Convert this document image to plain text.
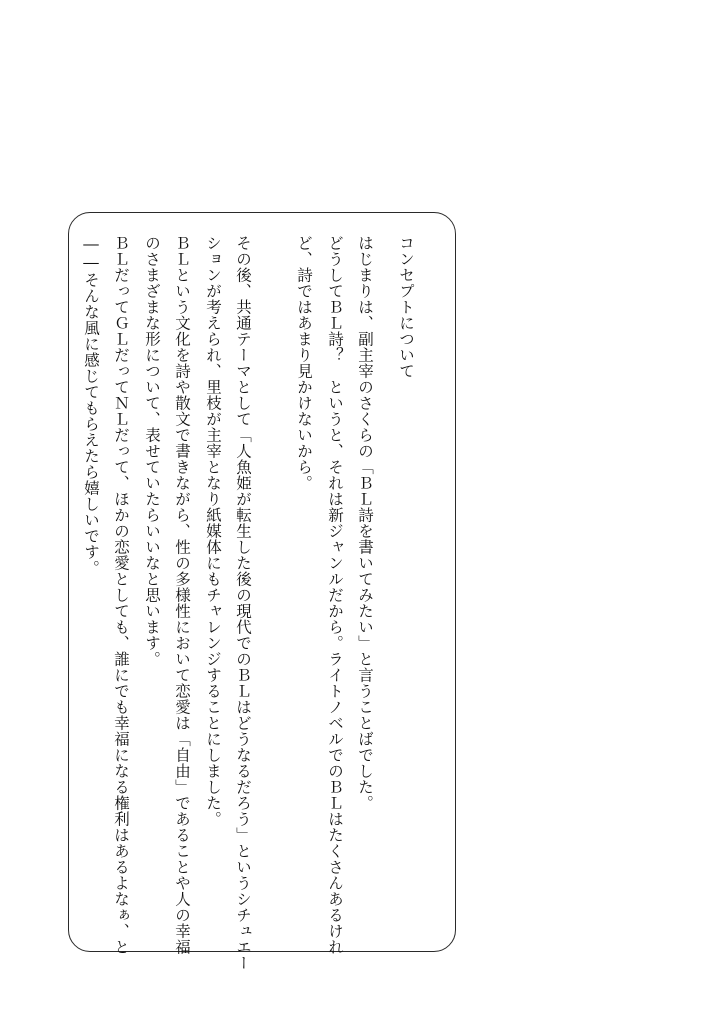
コンセプトについて
はじまりは、副主宰のさくらの「ＢＬ詩を書いてみたい」と言うことばでした。
どうしてＢＬ詩？　というと、それは新ジャンルだから。ライトノベルでのＢＬはたくさんあるけれ
ど、詩ではあまり見かけないから。
その後、共通テーマとして「人魚姫が転生した後の現代でのＢＬはどうなるだろう」というシチュエー
ションが考えられ、里枝が主宰となり紙媒体にもチャレンジすることにしました。
ＢＬという文化を詩や散文で書きながら、性の多様性において恋愛は「自由」であることや人の幸福
のさまざまな形について、表せていたらいいなと思います。
ＢＬだってＧＬだってＮＬだって、ほかの恋愛としても、誰にでも幸福になる権利はあるよなぁ、と
――そんな風に感じてもらえたら嬉しいです。
